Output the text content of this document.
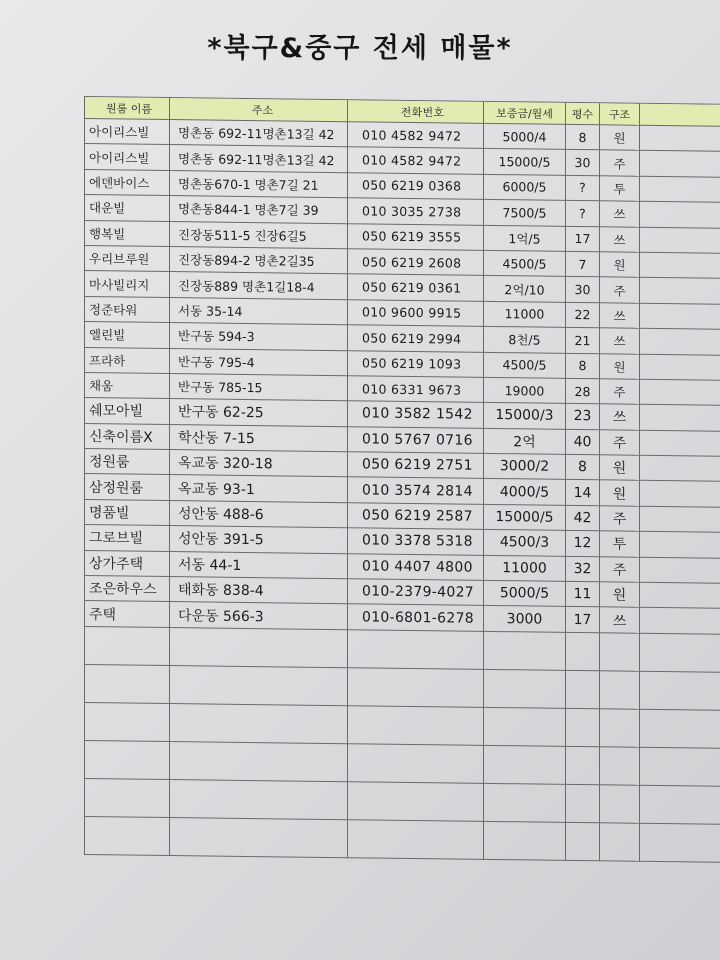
*북구&중구 전세 매물*
원룸 이름	주소	전화번호	보증금/월세	평수	구조
아이리스빌	명촌동 692-11명촌13길 42	010 4582 9472	5000/4	8	원
아이리스빌	명촌동 692-11명촌13길 42	010 4582 9472	15000/5	30	주
에덴바이스	명촌동670-1 명촌7길 21	050 6219 0368	6000/5	?	투
대운빌	명촌동844-1 명촌7길 39	010 3035 2738	7500/5	?	쓰
행복빌	진장동511-5 진장6길5	050 6219 3555	1억/5	17	쓰
우리브루원	진장동894-2 명촌2길35	050 6219 2608	4500/5	7	원
마사빌리지	진장동889 명촌1길18-4	050 6219 0361	2억/10	30	주
정준타워	서동 35-14	010 9600 9915	11000	22	쓰
엘린빌	반구동 594-3	050 6219 2994	8천/5	21	쓰
프라하	반구동 795-4	050 6219 1093	4500/5	8	원
채움	반구동 785-15	010 6331 9673	19000	28	주
쉐모아빌	반구동 62-25	010 3582 1542	15000/3	23	쓰
신축이름X	학산동 7-15	010 5767 0716	2억	40	주
정원룸	옥교동 320-18	050 6219 2751	3000/2	8	원
삼정원룸	옥교동 93-1	010 3574 2814	4000/5	14	원
명품빌	성안동 488-6	050 6219 2587	15000/5	42	주
그로브빌	성안동 391-5	010 3378 5318	4500/3	12	투
상가주택	서동 44-1	010 4407 4800	11000	32	주
조은하우스	태화동 838-4	010-2379-4027	5000/5	11	원
주택	다운동 566-3	010-6801-6278	3000	17	쓰
